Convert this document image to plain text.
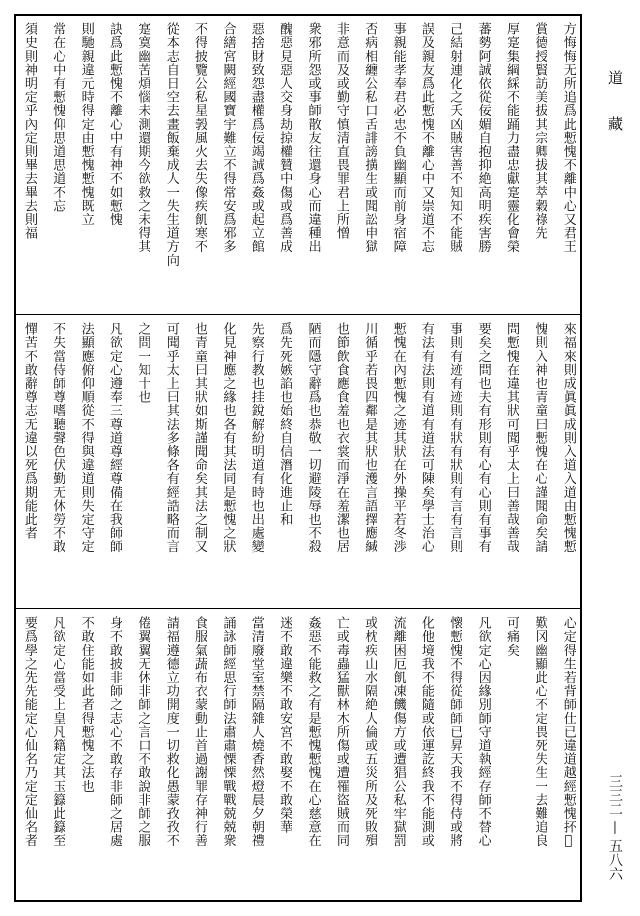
方悔悔无所追爲此慙愧不離中心又君王
賞德授賢訪美拔其宗卿拔其萃穀祿先
厚寔集綱綵不能踊力盡忠獻寔靈化會榮
蕃勢阿誠依從佞媚自抱抑絶高明疾害勝
己結射連化之夭凶賊害善不知知不能賊
誤及親友爲此慙愧不離心中又崇道不忘
事親能孝奉君必忠不負幽顯而前身宿障
否病相纏公私口舌誹謗撗生或聞訟申獄
非意而及或勤守慎清直畏罪君上所憎
衆邪所怨或事師散友往還身心而違種出
醜惡見惡人交身劫掠權贊中傷或爲善成
惡捨財致怨盡權爲佞竭誠爲姦或起立館
合繕宮闕經國寶宇難立不得常安爲邪多
不得披覽公私星㝅風火去失像疾飢寒不
從本志自日空去畫飯棄成人一失生道方向
寔寞幽苦煩惱未測還期今欲救之未得其
訣爲此慙愧不離心中有神不如慙愧
則馳親違元時得定由慙愧慙愧既立
常在心中有慙愧仰思道思道不忘
須史則神明定乎內定則畢去畢去則福
來福來則成眞眞成則入道入道由慙愧慙
愧則入神也青童曰慙愧在心謹聞命矣請
問慙愧在違其狀可聞乎太上曰善哉善哉
要矣之問也夫有形則有心有心則有事有
事則有迹有迹則有狀有狀則有言有言則
有法有法則有道有道法可陳矣學士治心
慙愧在內慙愧之迹其狀在外操平若冬渉
川循乎若畏四鄰是其狀也濩言語擇應緘
也節飲食應食羞也衣裳而淨在羞潔也居
陋而隱守辭爲也恭敬一切避陵辱也不殺
爲先死嫉諂也始終自信潛化進止和
先察行教也挂銳解紛明道有時也出處變
化見神應之緣也各有其法同是慙愧之狀
也青童曰其狀如斯謹聞命矣其法之制又
可聞乎太上曰其法多條各有經誥略而言
之問一知十也
凡欲定心遵奉三尊道尊經尊備在我師師
法顯應俯仰順從不得與違道則失定守定
不失當侍師尊嗜聽聲色伏勤无休勞不敢
憚苦不敢辭尊志无違以死爲期能此者
心定得生若背師仕已違道越經慙愧抔𡊮
歎冈幽顯此心不定畏死失生一去難追良
可痛矣
凡欲定心因緣別師守道執經存師不替心
懷慙愧不得從師師已昇天我不得侍或將
化他境我不能隨或依運訖終我不能測或
流離困厄飢凍饑傷方或遭猖公私牢獄罰
或枕疾山水隔絶人倫或五災所及死敗殞
亡或毒蟲猛獸林木所傷或遭罹盜賊而同
姦惡不能救之有是慙愧慙愧在心慈意在
迷不敢違樂不敢安宮不敢娶不敢榮華
當清廢堂室禁隔雜人燒香然燈晨夕朝禮
誦詠師經思行師法肅肅慄慄戰戰兢兢衆
食服氣蔬布衣蒙動止首過謝罪存神行善
請福遵德立功開度一切救化愚蒙孜孜不
倦翼翼无休非師之言口不敢說非師之服
身不敢披非師之志心不敢存非師之居處
不敢住能如此者得慙愧之法也
凡欲定心當受上皇凡籍定其玉籙此籙至
要爲學之先先能定心仙名乃定定仙名者
道
藏
三三二 — 五八六
